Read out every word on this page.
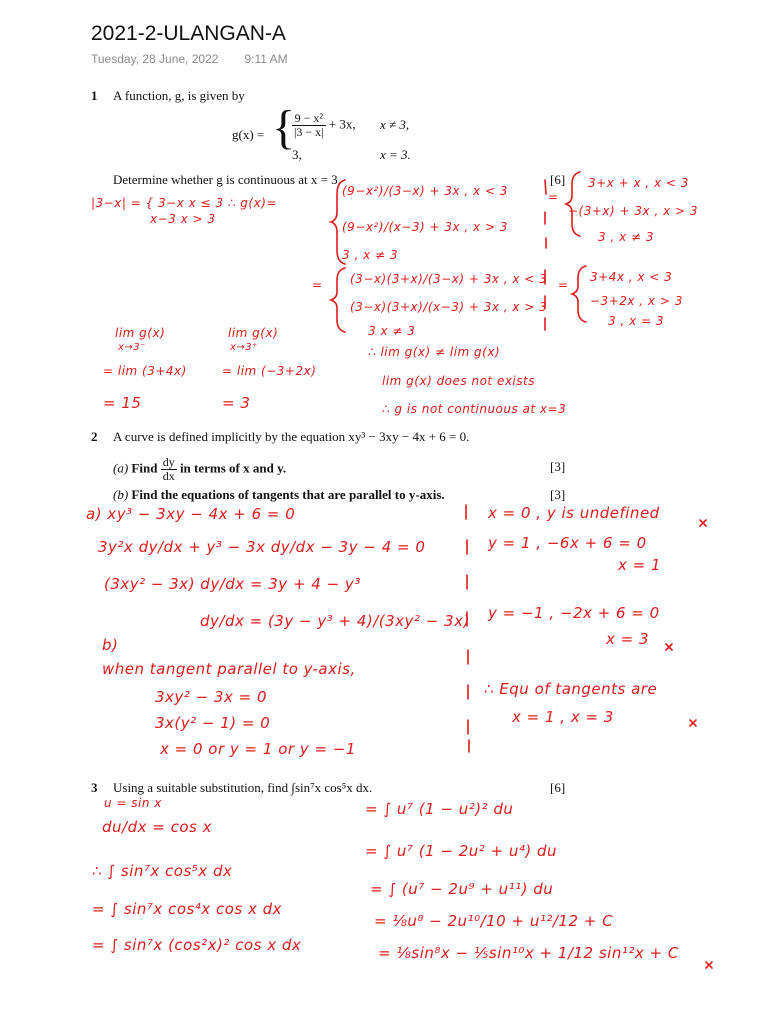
2021-2-ULANGAN-A
Tuesday, 28 June, 2022 9:11 AM
1 A function, g, is given by
g(x) = {
$\frac{\text{9 − x²}}{|3 - x|} + 3x$, x ≠ 3,
3,	x = 3.
Determine whether g is continuous at x = 3.	[6]
|3−x| = { 3−x x ≤ 3 ∴ g(x)=
x−3 x > 3
(9−x²)/(3−x) + 3x , x < 3
(9−x²)/(x−3) + 3x , x > 3
3 , x ≠ 3
=
3+x + x , x < 3
−(3+x) + 3x , x > 3
3 , x ≠ 3
= (3−x)(3+x)/(3−x) + 3x , x < 3
(3−x)(3+x)/(x−3) + 3x , x > 3
3 x ≠ 3
=
3+4x , x < 3
−3+2x , x > 3
3 , x = 3
lim g(x)
x→3⁻
= lim (3+4x)
= 15
lim g(x)
x→3⁺
= lim (−3+2x)
= 3
∴ lim g(x) ≠ lim g(x)
lim g(x) does not exists
∴ g is not continuous at x=3
2 A curve is defined implicitly by the equation xy³ − 3xy − 4x + 6 = 0.
(a) Find $\frac{dy}{dx}$ in terms of x and y.	[3]
(b) Find the equations of tangents that are parallel to y-axis.	[3]
a) xy³ − 3xy − 4x + 6 = 0
3y²x dy/dx + y³ − 3x dy/dx − 3y − 4 = 0
(3xy² − 3x) dy/dx = 3y + 4 − y³
dy/dx = (3y − y³ + 4)/(3xy² − 3x)
b)
when tangent parallel to y-axis,
3xy² − 3x = 0
3x(y² − 1) = 0
x = 0 or y = 1 or y = −1
x = 0 , y is undefined
y = 1 , −6x + 6 = 0
x = 1
y = −1 , −2x + 6 = 0
x = 3
∴ Equ of tangents are
x = 1 , x = 3
3 Using a suitable substitution, find ∫sin⁷x cos⁵x dx.	[6]
u = sin x
du/dx = cos x
∴ ∫ sin⁷x cos⁵x dx
= ∫ sin⁷x cos⁴x cos x dx
= ∫ sin⁷x (cos²x)² cos x dx
= ∫ u⁷ (1 − u²)² du
= ∫ u⁷ (1 − 2u² + u⁴) du
= ∫ (u⁷ − 2u⁹ + u¹¹) du
= ⅛u⁸ − 2u¹⁰/10 + u¹²/12 + C
= ⅛sin⁸x − ⅕sin¹⁰x + 1/12 sin¹²x + C
